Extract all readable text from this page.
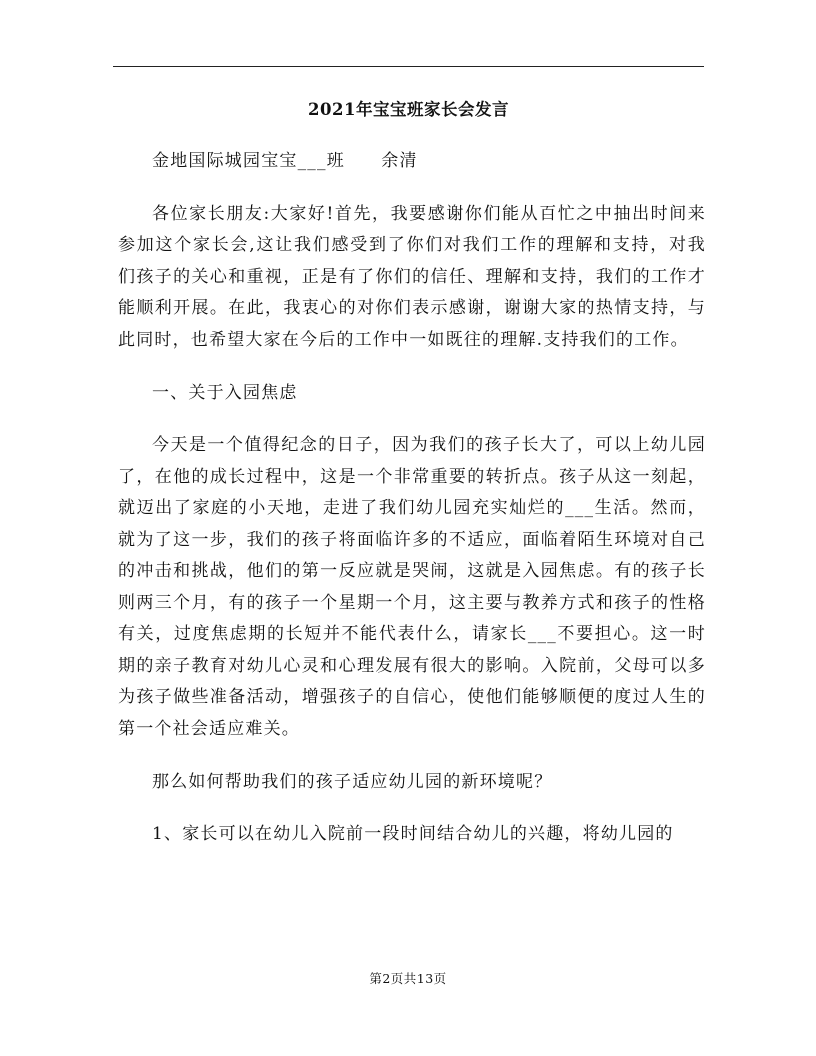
2021年宝宝班家长会发言

金地国际城园宝宝___班　　余清

各位家长朋友:大家好!首先，我要感谢你们能从百忙之中抽出时间来参加这个家长会,这让我们感受到了你们对我们工作的理解和支持，对我们孩子的关心和重视，正是有了你们的信任、理解和支持，我们的工作才能顺利开展。在此，我衷心的对你们表示感谢，谢谢大家的热情支持，与此同时，也希望大家在今后的工作中一如既往的理解.支持我们的工作。

一、关于入园焦虑

今天是一个值得纪念的日子，因为我们的孩子长大了，可以上幼儿园了，在他的成长过程中，这是一个非常重要的转折点。孩子从这一刻起，就迈出了家庭的小天地，走进了我们幼儿园充实灿烂的___生活。然而，就为了这一步，我们的孩子将面临许多的不适应，面临着陌生环境对自己的冲击和挑战，他们的第一反应就是哭闹，这就是入园焦虑。有的孩子长则两三个月，有的孩子一个星期一个月，这主要与教养方式和孩子的性格有关，过度焦虑期的长短并不能代表什么，请家长___不要担心。这一时期的亲子教育对幼儿心灵和心理发展有很大的影响。入院前，父母可以多为孩子做些准备活动，增强孩子的自信心，使他们能够顺便的度过人生的第一个社会适应难关。

那么如何帮助我们的孩子适应幼儿园的新环境呢？

1、家长可以在幼儿入院前一段时间结合幼儿的兴趣，将幼儿园的

第2页共13页
